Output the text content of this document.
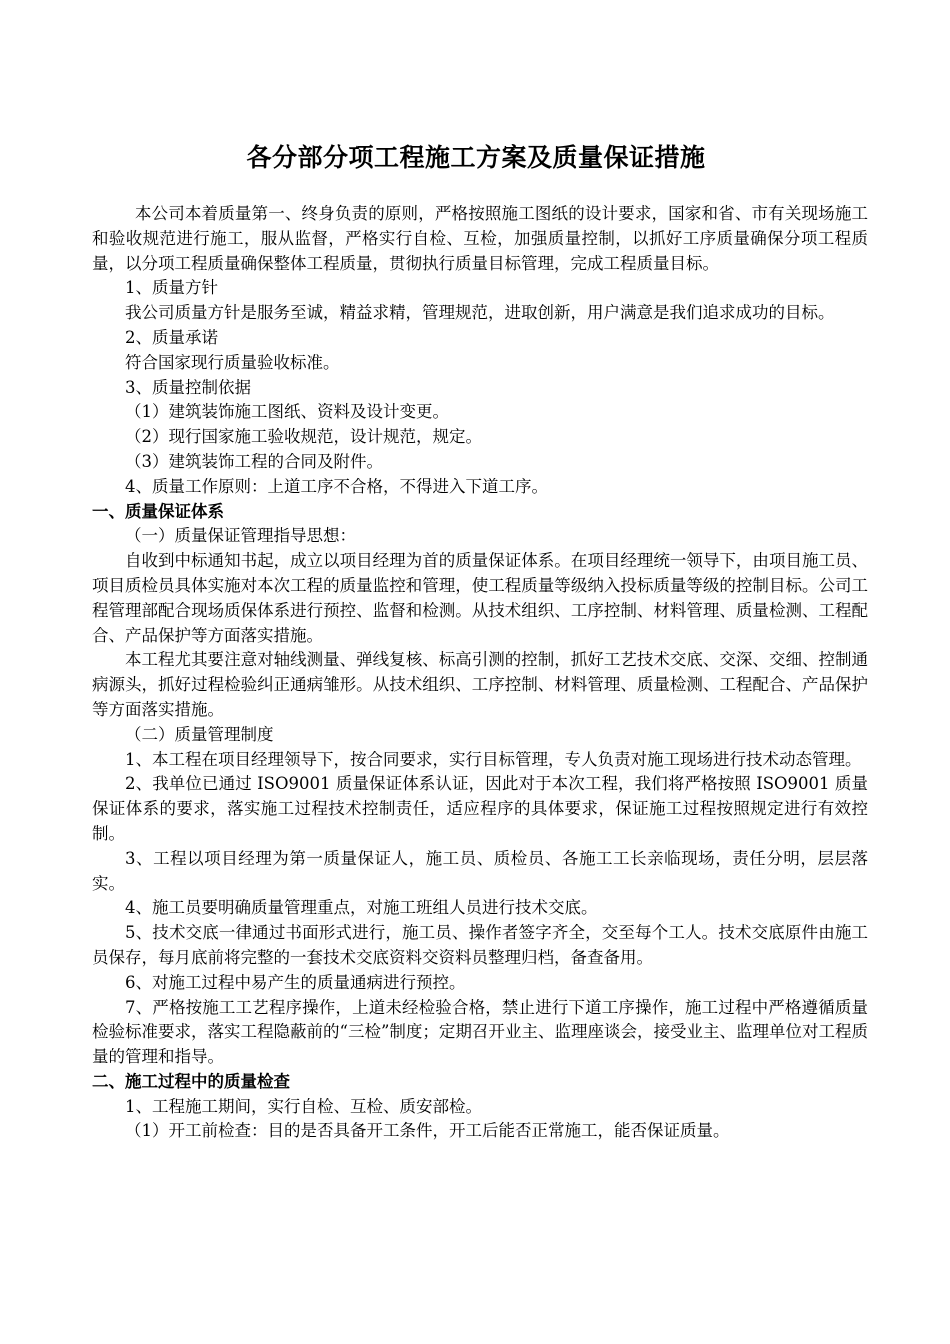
各分部分项工程施工方案及质量保证措施

本公司本着质量第一、终身负责的原则，严格按照施工图纸的设计要求，国家和省、市有关现场施工和验收规范进行施工，服从监督，严格实行自检、互检，加强质量控制，以抓好工序质量确保分项工程质量，以分项工程质量确保整体工程质量，贯彻执行质量目标管理，完成工程质量目标。

1、质量方针

我公司质量方针是服务至诚，精益求精，管理规范，进取创新，用户满意是我们追求成功的目标。

2、质量承诺

符合国家现行质量验收标准。

3、质量控制依据

（1）建筑装饰施工图纸、资料及设计变更。

（2）现行国家施工验收规范，设计规范，规定。

（3）建筑装饰工程的合同及附件。

4、质量工作原则：上道工序不合格，不得进入下道工序。

一、质量保证体系

（一）质量保证管理指导思想：

自收到中标通知书起，成立以项目经理为首的质量保证体系。在项目经理统一领导下，由项目施工员、项目质检员具体实施对本次工程的质量监控和管理，使工程质量等级纳入投标质量等级的控制目标。公司工程管理部配合现场质保体系进行预控、监督和检测。从技术组织、工序控制、材料管理、质量检测、工程配合、产品保护等方面落实措施。

本工程尤其要注意对轴线测量、弹线复核、标高引测的控制，抓好工艺技术交底、交深、交细、控制通病源头，抓好过程检验纠正通病雏形。从技术组织、工序控制、材料管理、质量检测、工程配合、产品保护等方面落实措施。

（二）质量管理制度

1、本工程在项目经理领导下，按合同要求，实行目标管理，专人负责对施工现场进行技术动态管理。

2、我单位已通过 ISO9001 质量保证体系认证，因此对于本次工程，我们将严格按照 ISO9001 质量保证体系的要求，落实施工过程技术控制责任，适应程序的具体要求，保证施工过程按照规定进行有效控制。

3、工程以项目经理为第一质量保证人，施工员、质检员、各施工工长亲临现场，责任分明，层层落实。

4、施工员要明确质量管理重点，对施工班组人员进行技术交底。

5、技术交底一律通过书面形式进行，施工员、操作者签字齐全，交至每个工人。技术交底原件由施工员保存，每月底前将完整的一套技术交底资料交资料员整理归档，备查备用。

6、对施工过程中易产生的质量通病进行预控。

7、严格按施工工艺程序操作，上道未经检验合格，禁止进行下道工序操作，施工过程中严格遵循质量检验标准要求，落实工程隐蔽前的“三检”制度；定期召开业主、监理座谈会，接受业主、监理单位对工程质量的管理和指导。

二、施工过程中的质量检查

1、工程施工期间，实行自检、互检、质安部检。

（1）开工前检查：目的是否具备开工条件，开工后能否正常施工，能否保证质量。
